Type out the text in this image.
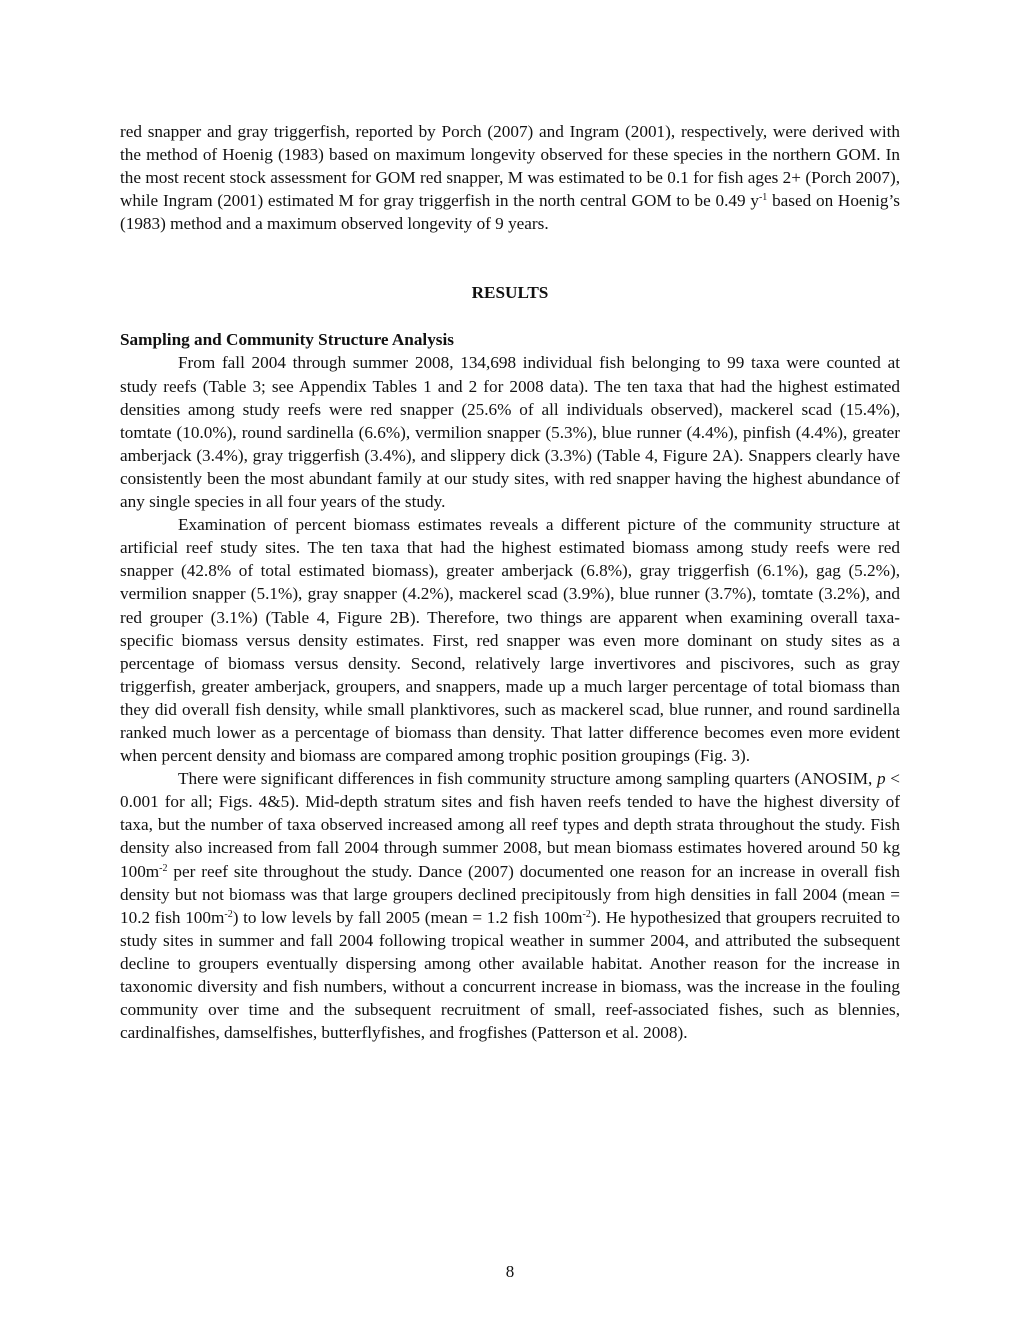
red snapper and gray triggerfish, reported by Porch (2007) and Ingram (2001), respectively, were derived with the method of Hoenig (1983) based on maximum longevity observed for these species in the northern GOM. In the most recent stock assessment for GOM red snapper, M was estimated to be 0.1 for fish ages 2+ (Porch 2007), while Ingram (2001) estimated M for gray triggerfish in the north central GOM to be 0.49 $y^{-1}$ based on Hoenig’s (1983) method and a maximum observed longevity of 9 years.

RESULTS
Sampling and Community Structure Analysis

From fall 2004 through summer 2008, 134,698 individual fish belonging to 99 taxa were counted at study reefs (Table 3; see Appendix Tables 1 and 2 for 2008 data). The ten taxa that had the highest estimated densities among study reefs were red snapper (25.6% of all individuals observed), mackerel scad (15.4%), tomtate (10.0%), round sardinella (6.6%), vermilion snapper (5.3%), blue runner (4.4%), pinfish (4.4%), greater amberjack (3.4%), gray triggerfish (3.4%), and slippery dick (3.3%) (Table 4, Figure 2A). Snappers clearly have consistently been the most abundant family at our study sites, with red snapper having the highest abundance of any single species in all four years of the study.

Examination of percent biomass estimates reveals a different picture of the community structure at artificial reef study sites. The ten taxa that had the highest estimated biomass among study reefs were red snapper (42.8% of total estimated biomass), greater amberjack (6.8%), gray triggerfish (6.1%), gag (5.2%), vermilion snapper (5.1%), gray snapper (4.2%), mackerel scad (3.9%), blue runner (3.7%), tomtate (3.2%), and red grouper (3.1%) (Table 4, Figure 2B). Therefore, two things are apparent when examining overall taxa-specific biomass versus density estimates. First, red snapper was even more dominant on study sites as a percentage of biomass versus density. Second, relatively large invertivores and piscivores, such as gray triggerfish, greater amberjack, groupers, and snappers, made up a much larger percentage of total biomass than they did overall fish density, while small planktivores, such as mackerel scad, blue runner, and round sardinella ranked much lower as a percentage of biomass than density. That latter difference becomes even more evident when percent density and biomass are compared among trophic position groupings (Fig. 3).

There were significant differences in fish community structure among sampling quarters (ANOSIM, p < 0.001 for all; Figs. 4&5). Mid-depth stratum sites and fish haven reefs tended to have the highest diversity of taxa, but the number of taxa observed increased among all reef types and depth strata throughout the study. Fish density also increased from fall 2004 through summer 2008, but mean biomass estimates hovered around 50 kg $100m^{-2}$ per reef site throughout the study. Dance (2007) documented one reason for an increase in overall fish density but not biomass was that large groupers declined precipitously from high densities in fall 2004 (mean = 10.2 fish $100m^{-2}$) to low levels by fall 2005 (mean = 1.2 fish $100m^{-2}$). He hypothesized that groupers recruited to study sites in summer and fall 2004 following tropical weather in summer 2004, and attributed the subsequent decline to groupers eventually dispersing among other available habitat. Another reason for the increase in taxonomic diversity and fish numbers, without a concurrent increase in biomass, was the increase in the fouling community over time and the subsequent recruitment of small, reef-associated fishes, such as blennies, cardinalfishes, damselfishes, butterflyfishes, and frogfishes (Patterson et al. 2008).

8
